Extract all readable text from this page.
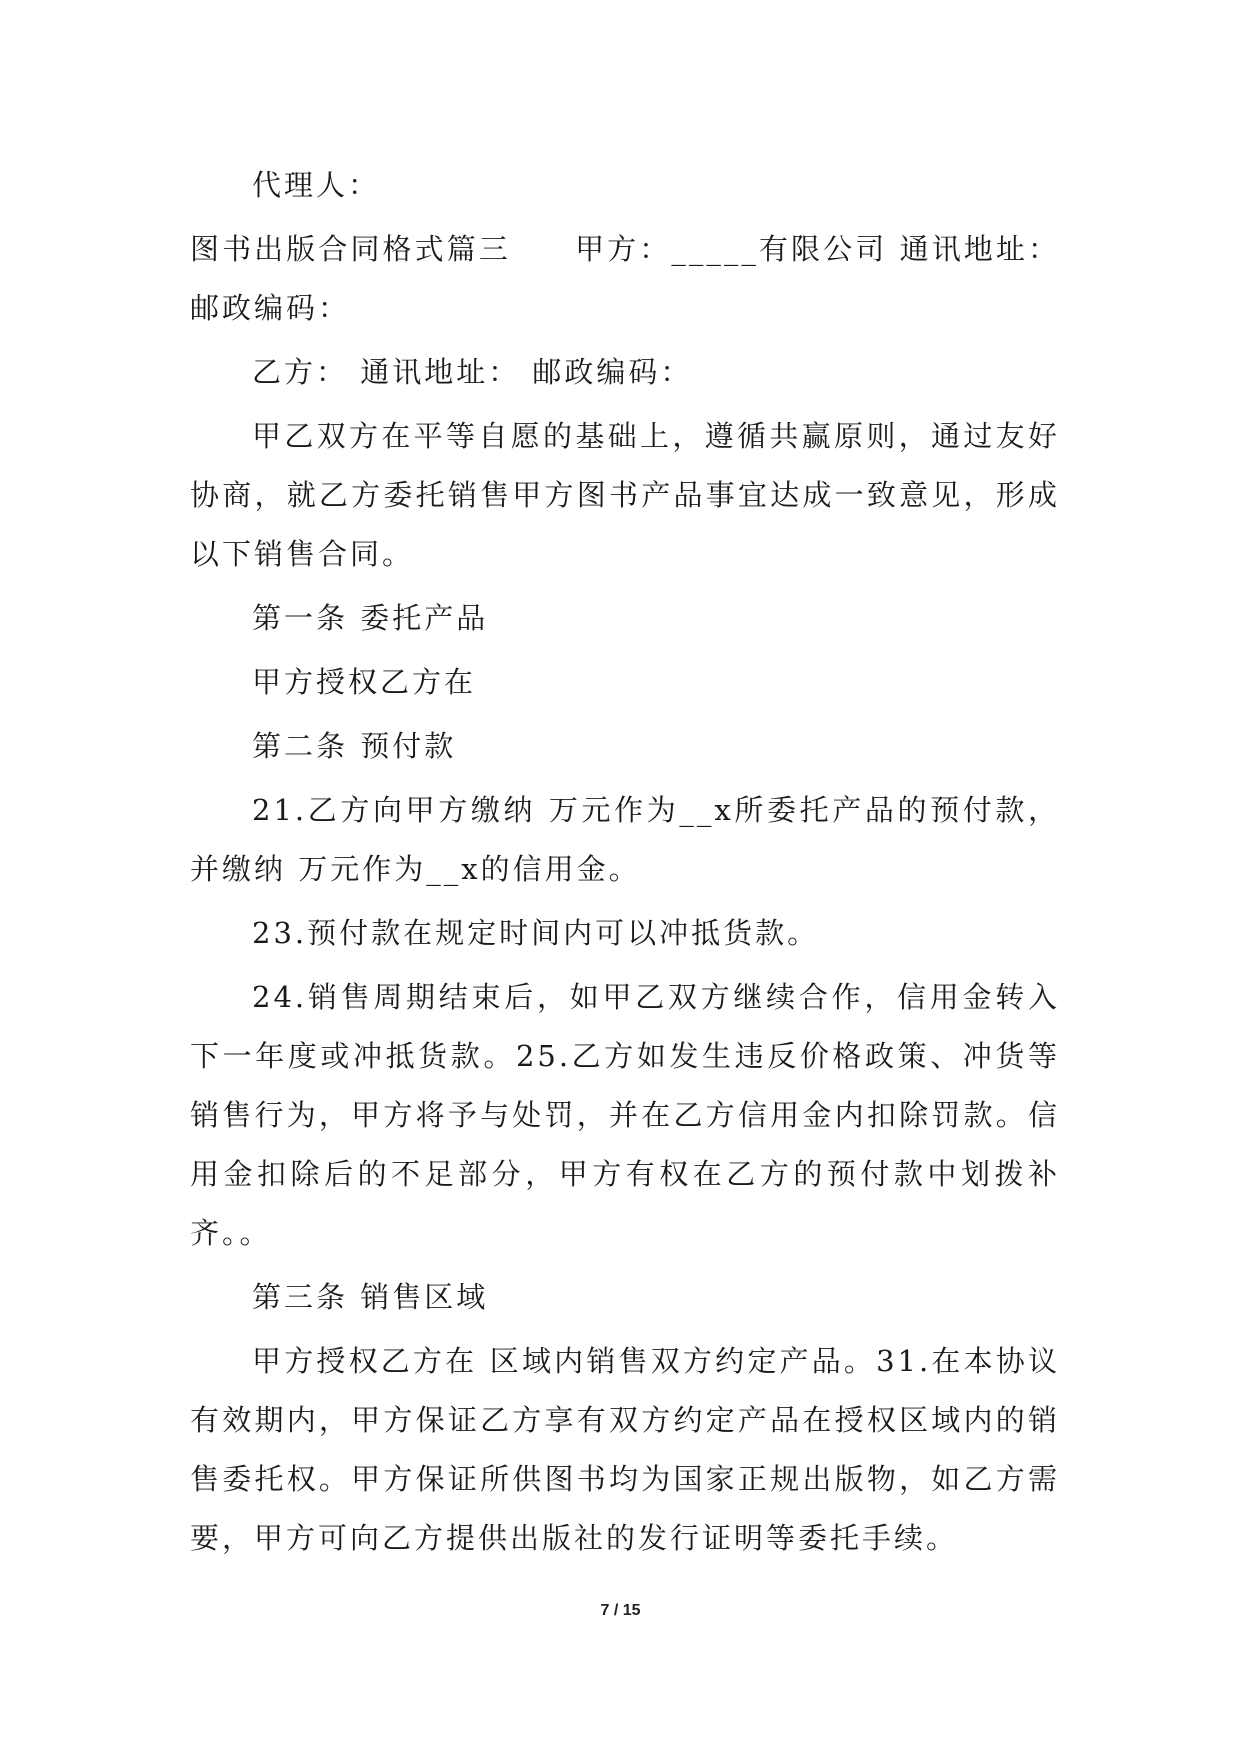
代理人：

图书出版合同格式篇三　　甲方：_____有限公司 通讯地址：邮政编码：

乙方： 通讯地址： 邮政编码：

甲乙双方在平等自愿的基础上，遵循共赢原则，通过友好协商，就乙方委托销售甲方图书产品事宜达成一致意见，形成以下销售合同。

第一条 委托产品

甲方授权乙方在

第二条 预付款

21.乙方向甲方缴纳 万元作为__x所委托产品的预付款，并缴纳 万元作为__x的信用金。

23.预付款在规定时间内可以冲抵货款。

24.销售周期结束后，如甲乙双方继续合作，信用金转入下一年度或冲抵货款。25.乙方如发生违反价格政策、冲货等销售行为，甲方将予与处罚，并在乙方信用金内扣除罚款。信用金扣除后的不足部分，甲方有权在乙方的预付款中划拨补齐。。

第三条 销售区域

甲方授权乙方在 区域内销售双方约定产品。31.在本协议有效期内，甲方保证乙方享有双方约定产品在授权区域内的销售委托权。甲方保证所供图书均为国家正规出版物，如乙方需要，甲方可向乙方提供出版社的发行证明等委托手续。

7 / 15
